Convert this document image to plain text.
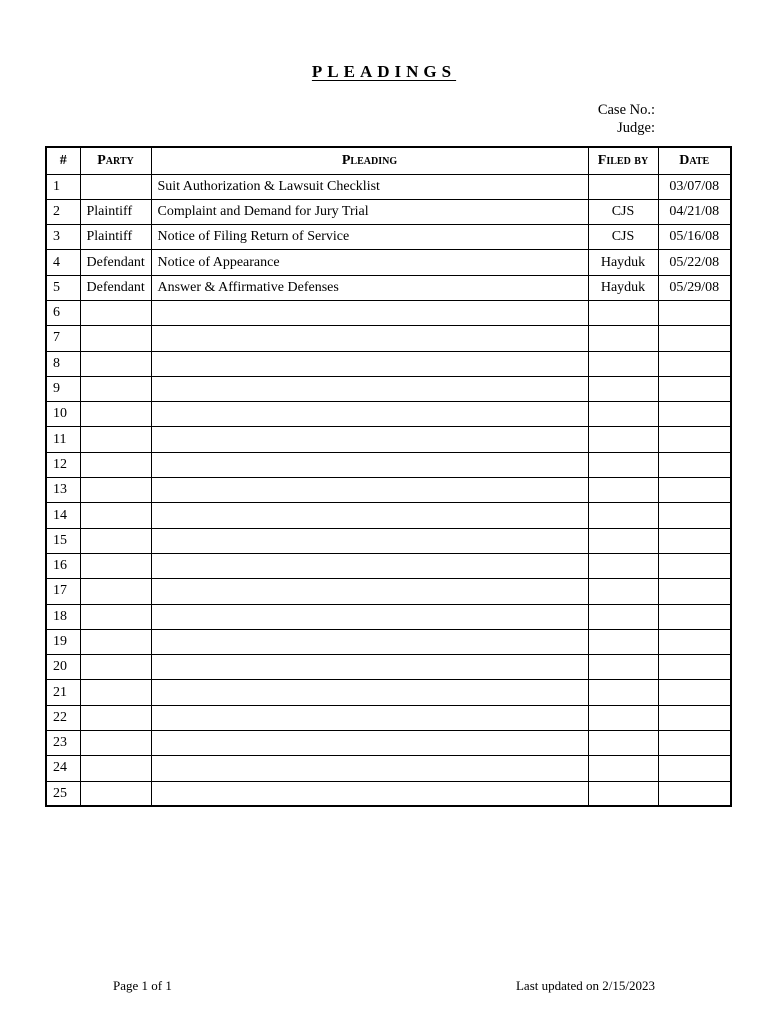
PLEADINGS
Case No.:
Judge:
#	Party	Pleading	Filed by	Date
1		Suit Authorization & Lawsuit Checklist		03/07/08
2	Plaintiff	Complaint and Demand for Jury Trial	CJS	04/21/08
3	Plaintiff	Notice of Filing Return of Service	CJS	05/16/08
4	Defendant	Notice of Appearance	Hayduk	05/22/08
5	Defendant	Answer & Affirmative Defenses	Hayduk	05/29/08
6				
7				
8				
9				
10				
11				
12				
13				
14				
15				
16				
17				
18				
19				
20				
21				
22				
23				
24				
25				
Page 1 of 1	Last updated on 2/15/2023
